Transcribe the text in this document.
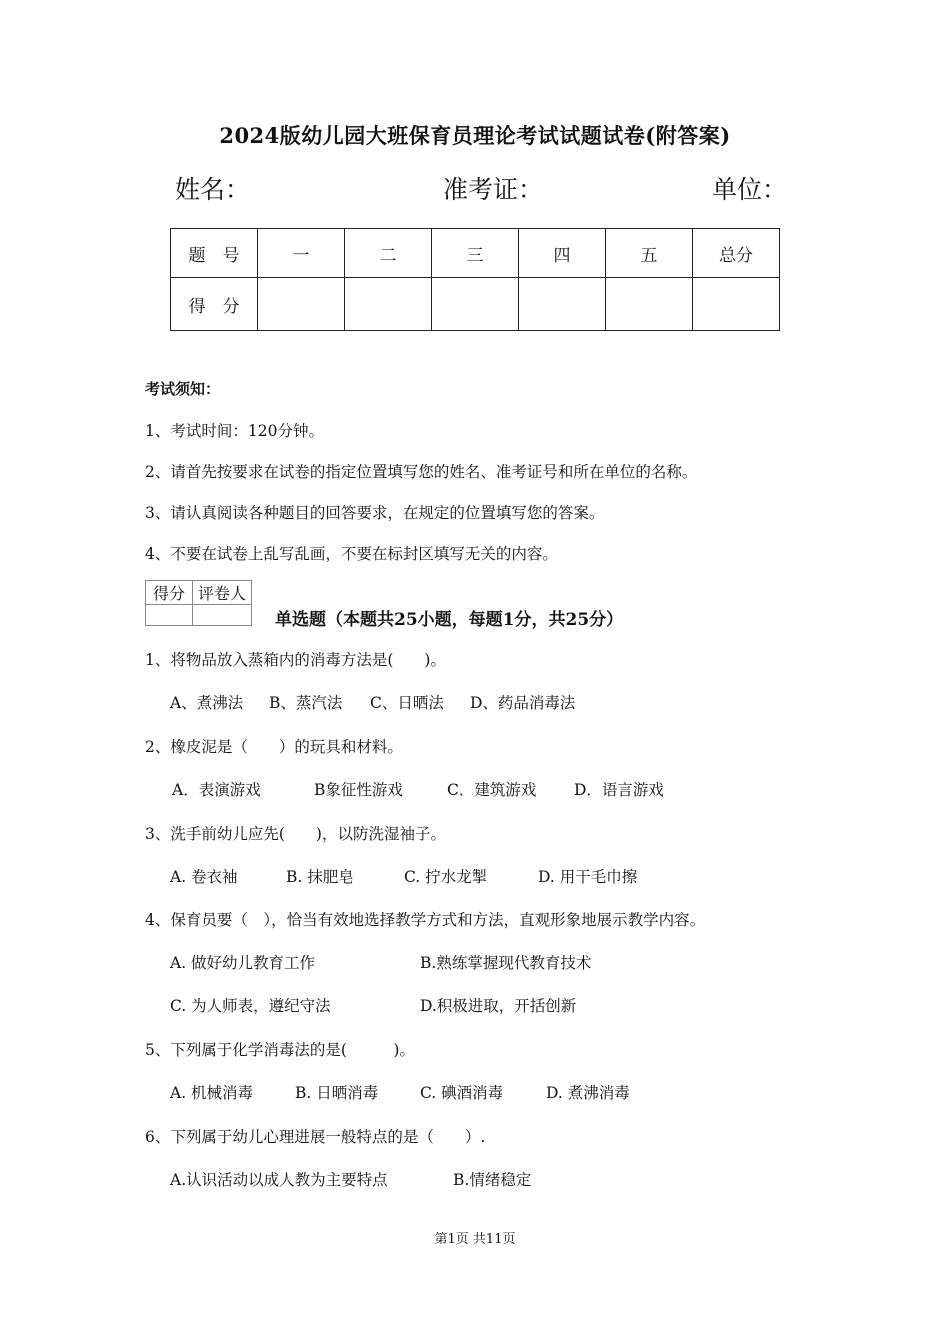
2024版幼儿园大班保育员理论考试试题试卷(附答案)
姓名：	准考证：	单位：
题　号	一	二	三	四	五	总分
得　分						
考试须知：
1、考试时间：120分钟。
2、请首先按要求在试卷的指定位置填写您的姓名、准考证号和所在单位的名称。
3、请认真阅读各种题目的回答要求，在规定的位置填写您的答案。
4、不要在试卷上乱写乱画，不要在标封区填写无关的内容。
得分	评卷人

单选题（本题共25小题，每题1分，共25分）
1、将物品放入蒸箱内的消毒方法是(　　)。
A、煮沸法 B、蒸汽法 C、日晒法 D、药品消毒法
2、橡皮泥是（　　）的玩具和材料。
A．表演游戏	B象征性游戏	C．建筑游戏 D．语言游戏
3、洗手前幼儿应先(　　)，以防洗湿袖子。
A. 卷衣袖	B. 抹肥皂	C. 拧水龙掣	D. 用干毛巾擦
4、保育员要（　），恰当有效地选择教学方式和方法，直观形象地展示教学内容。
A. 做好幼儿教育工作	B.熟练掌握现代教育技术
C. 为人师表，遵纪守法	D.积极进取，开括创新
5、下列属于化学消毒法的是(　　　)。
A. 机械消毒	B. 日晒消毒	C. 碘酒消毒	D. 煮沸消毒
6、下列属于幼儿心理进展一般特点的是（　　）.
A.认识活动以成人教为主要特点	B.情绪稳定
第1页 共11页
